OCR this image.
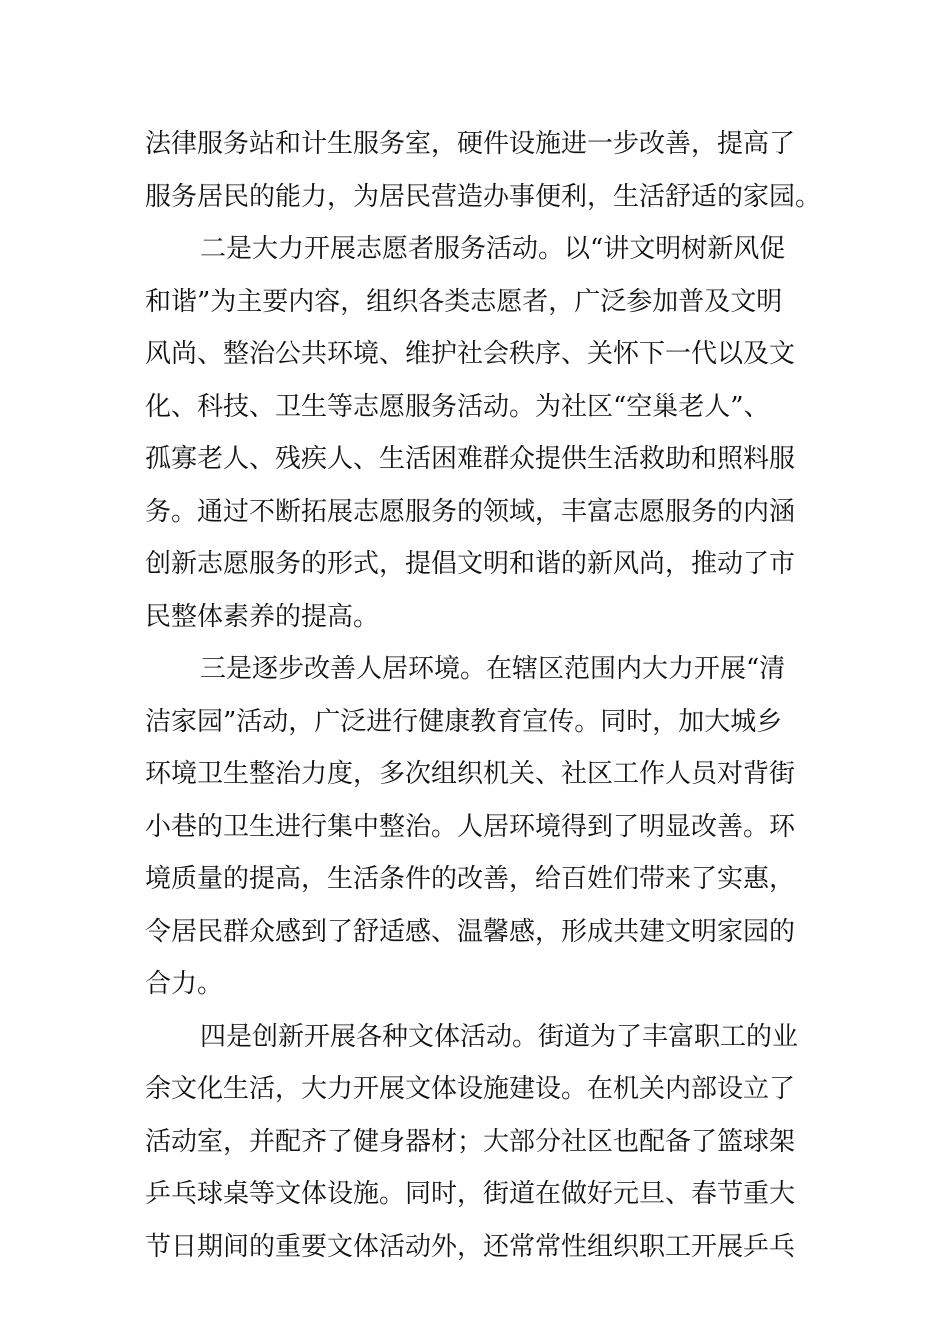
法律服务站和计生服务室，硬件设施进一步改善，提高了
服务居民的能力，为居民营造办事便利，生活舒适的家园。
二是大力开展志愿者服务活动。以“讲文明树新风促
和谐”为主要内容，组织各类志愿者，广泛参加普及文明
风尚、整治公共环境、维护社会秩序、关怀下一代以及文
化、科技、卫生等志愿服务活动。为社区“空巢老人”、
孤寡老人、残疾人、生活困难群众提供生活救助和照料服
务。通过不断拓展志愿服务的领域，丰富志愿服务的内涵
创新志愿服务的形式，提倡文明和谐的新风尚，推动了市
民整体素养的提高。
三是逐步改善人居环境。在辖区范围内大力开展“清
洁家园”活动，广泛进行健康教育宣传。同时，加大城乡
环境卫生整治力度，多次组织机关、社区工作人员对背街
小巷的卫生进行集中整治。人居环境得到了明显改善。环
境质量的提高，生活条件的改善，给百姓们带来了实惠，
令居民群众感到了舒适感、温馨感，形成共建文明家园的
合力。
四是创新开展各种文体活动。街道为了丰富职工的业
余文化生活，大力开展文体设施建设。在机关内部设立了
活动室，并配齐了健身器材；大部分社区也配备了篮球架
乒乓球桌等文体设施。同时，街道在做好元旦、春节重大
节日期间的重要文体活动外，还常常性组织职工开展乒乓
